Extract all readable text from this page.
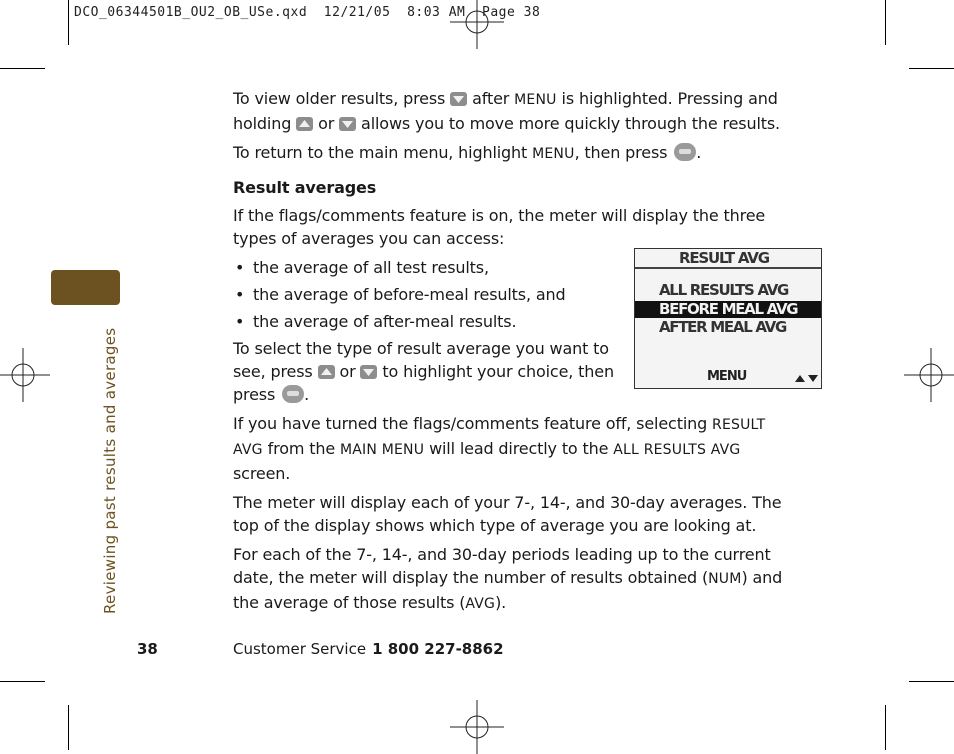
DCO_06344501B_OU2_OB_USe.qxd  12/21/05  8:03 AM  Page 38
Reviewing past results and averages

To view older results, press  after MENU is highlighted. Pressing and holding  or  allows you to move more quickly through the results.

To return to the main menu, highlight MENU, then press .

Result averages

If the flags/comments feature is on, the meter will display the three types of averages you can access:

• the average of all test results,
• the average of before-meal results, and
• the average of after-meal results.

To select the type of result average you want to see, press  or  to highlight your choice, then press .

If you have turned the flags/comments feature off, selecting RESULT AVG from the MAIN MENU will lead directly to the ALL RESULTS AVG screen.

The meter will display each of your 7-, 14-, and 30-day averages. The top of the display shows which type of average you are looking at.

For each of the 7-, 14-, and 30-day periods leading up to the current date, the meter will display the number of results obtained (NUM) and the average of those results (AVG).

RESULT AVG
ALL RESULTS AVG
BEFORE MEAL AVG
AFTER MEAL AVG
MENU
38	Customer Service 1 800 227-8862
